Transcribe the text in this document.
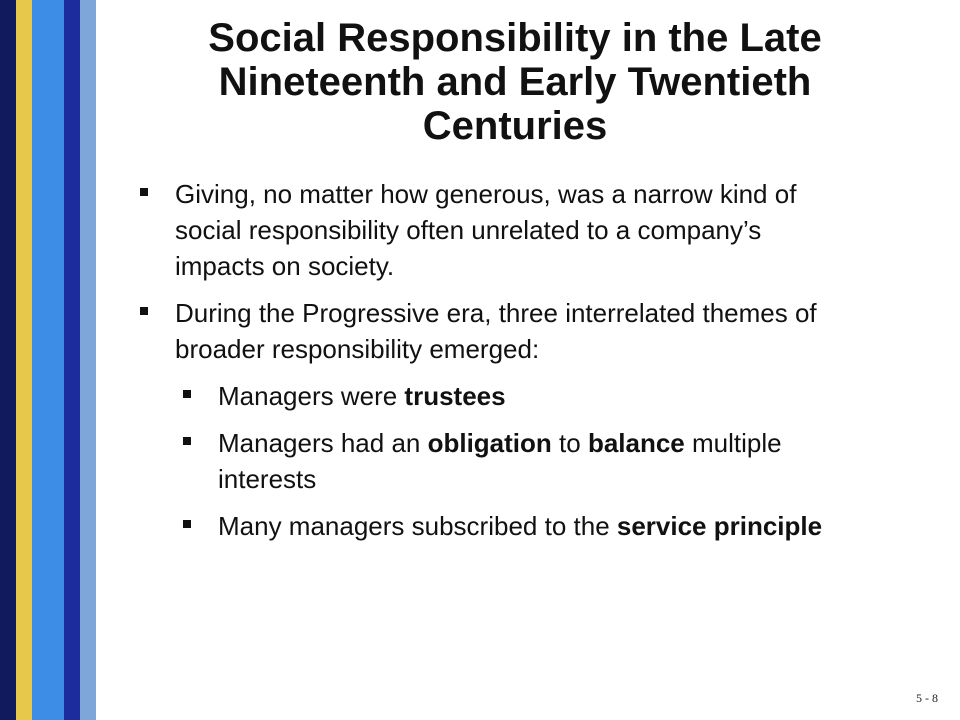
Social Responsibility in the Late Nineteenth and Early Twentieth Centuries
Giving, no matter how generous, was a narrow kind of social responsibility often unrelated to a company’s impacts on society.
During the Progressive era, three interrelated themes of broader responsibility emerged:
Managers were trustees
Managers had an obligation to balance multiple interests
Many managers subscribed to the service principle
5 - 8
